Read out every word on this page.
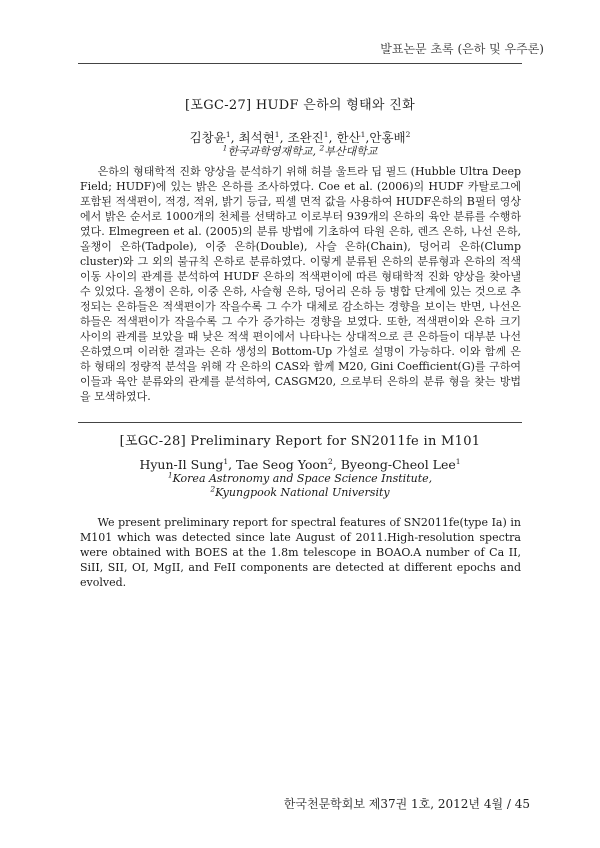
발표논문 초록 (은하 및 우주론)
[포GC-27] HUDF 은하의 형태와 진화
김창윤$^1$, 최석현$^1$, 조완진$^1$, 한산$^1$,안홍배$^2$
$^1$한국과학영재학교, $^2$부산대학교

은하의 형태학적 진화 양상을 분석하기 위해 허블 울트라 딥 필드 (Hubble Ultra Deep Field; HUDF)에 있는 밝은 은하를 조사하였다. Coe et al. (2006)의 HUDF 카탈로그에 포함된 적색편이, 적경, 적위, 밝기 등급, 픽셀 면적 값을 사용하여 HUDF은하의 B필터 영상에서 밝은 순서로 1000개의 천체를 선택하고 이로부터 939개의 은하의 육안 분류를 수행하였다. Elmegreen et al. (2005)의 분류 방법에 기초하여 타원 은하, 렌즈 은하, 나선 은하, 올챙이 은하(Tadpole), 이중 은하(Double), 사슬 은하(Chain), 덩어리 은하(Clump cluster)와 그 외의 불규칙 은하로 분류하였다. 이렇게 분류된 은하의 분류형과 은하의 적색이동 사이의 관계를 분석하여 HUDF 은하의 적색편이에 따른 형태학적 진화 양상을 찾아낼 수 있었다. 올챙이 은하, 이중 은하, 사슬형 은하, 덩어리 은하 등 병합 단계에 있는 것으로 추정되는 은하들은 적색편이가 작을수록 그 수가 대체로 감소하는 경향을 보이는 반면, 나선은하들은 적색편이가 작을수록 그 수가 증가하는 경향을 보였다. 또한, 적색편이와 은하 크기 사이의 관계를 보았을 때 낮은 적색 편이에서 나타나는 상대적으로 큰 은하들이 대부분 나선 은하였으며 이러한 결과는 은하 생성의 Bottom-Up 가설로 설명이 가능하다. 이와 함께 은하 형태의 정량적 분석을 위해 각 은하의 CAS와 함께 M20, Gini Coefficient(G)를 구하여 이들과 육안 분류와의 관계를 분석하여, CASGM20, 으로부터 은하의 분류 형을 찾는 방법을 모색하였다.

[포GC-28] Preliminary Report for SN2011fe in M101
Hyun-Il Sung$^1$, Tae Seog Yoon$^2$, Byeong-Cheol Lee$^1$
$^1$Korea Astronomy and Space Science Institute,
$^2$Kyungpook National University

We present preliminary report for spectral features of SN2011fe(type Ia) in M101 which was detected since late August of 2011.High-resolution spectra were obtained with BOES at the 1.8m telescope in BOAO.A number of Ca II, SiII, SII, OI, MgII, and FeII components are detected at different epochs and evolved.

한국천문학회보 제37권 1호, 2012년 4월 / 45
